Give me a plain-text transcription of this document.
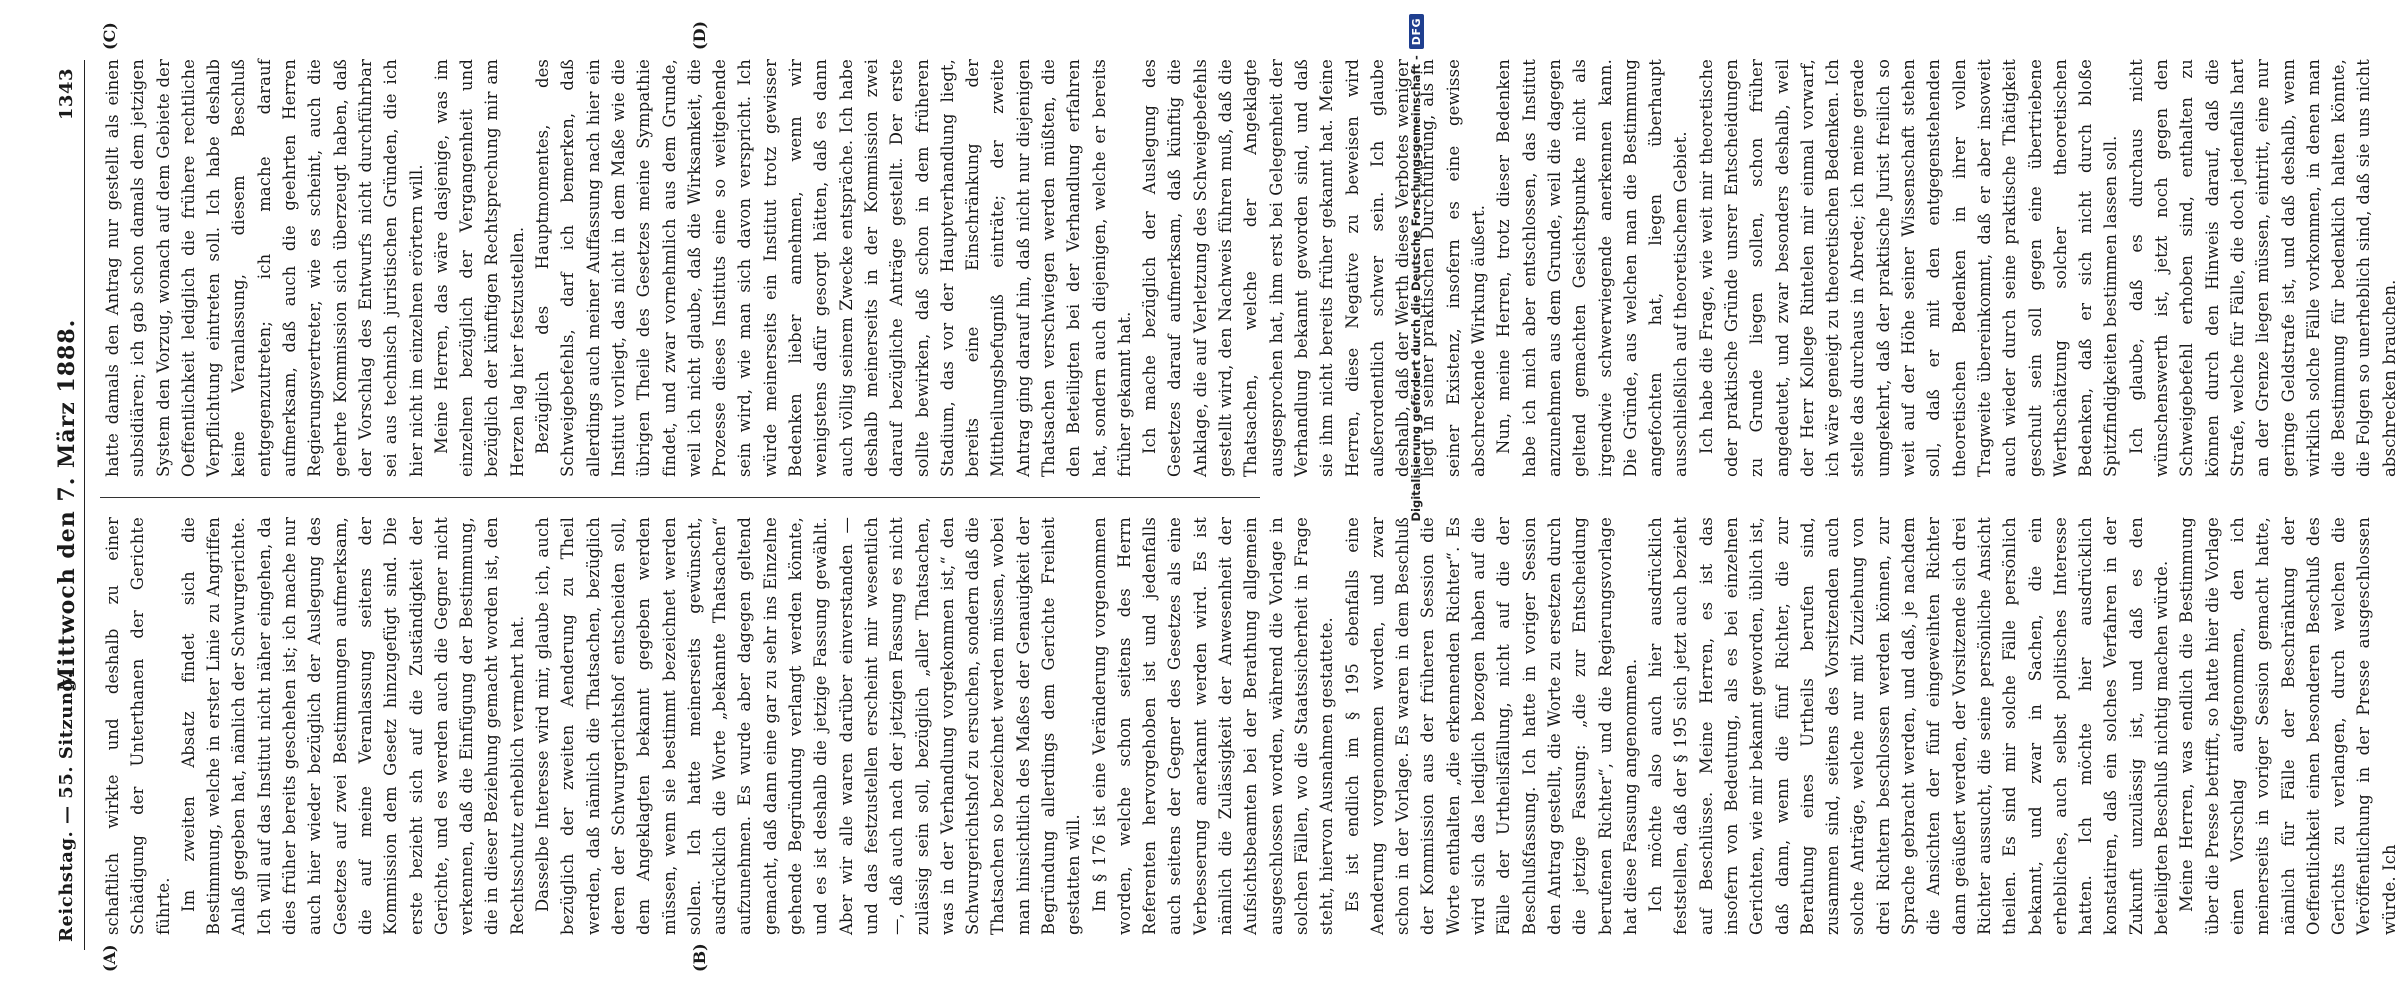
Reichstag. — 55. Sitzung.
Mittwoch den 7. März 1888.
1343
(A)	(B)
(C)	(D)

schaftlich wirkte und deshalb zu einer Schädigung der Unterthanen der Gerichte führte. Im zweiten Absatz findet sich die Bestimmung, welche in erster Linie zu Angriffen Anlaß gegeben hat, nämlich der Schwurgerichte. Ich will auf das Institut nicht näher eingehen, da dies früher bereits geschehen ist; ich mache nur auch hier wieder bezüglich der Auslegung des Gesetzes auf zwei Bestimmungen aufmerksam, die auf meine Veranlassung seitens der Kommission dem Gesetz hinzugefügt sind. Die erste bezieht sich auf die Zuständigkeit der Gerichte, und es werden auch die Gegner nicht verkennen, daß die Einfügung der Bestimmung, die in dieser Beziehung gemacht worden ist, den Rechtsschutz erheblich vermehrt hat. Dasselbe Interesse wird mir, glaube ich, auch bezüglich der zweiten Aenderung zu Theil werden, daß nämlich die Thatsachen, bezüglich deren der Schwurgerichtshof entscheiden soll, dem Angeklagten bekannt gegeben werden müssen, wenn sie bestimmt bezeichnet werden sollen. Ich hatte meinerseits gewünscht, ausdrücklich die Worte „bekannte Thatsachen“ aufzunehmen. Es wurde aber dagegen geltend gemacht, daß dann eine gar zu sehr ins Einzelne gehende Begründung verlangt werden könnte, und es ist deshalb die jetzige Fassung gewählt. Aber wir alle waren darüber einverstanden — und das festzustellen erscheint mir wesentlich —, daß auch nach der jetzigen Fassung es nicht zulässig sein soll, bezüglich „aller Thatsachen, was in der Verhandlung vorgekommen ist,“ den Schwurgerichtshof zu ersuchen, sondern daß die Thatsachen so bezeichnet werden müssen, wobei man hinsichtlich des Maßes der Genauigkeit der Begründung allerdings dem Gerichte Freiheit gestatten will. Im § 176 ist eine Veränderung vorgenommen worden, welche schon seitens des Herrn Referenten hervorgehoben ist und jedenfalls auch seitens der Gegner des Gesetzes als eine Verbesserung anerkannt werden wird. Es ist nämlich die Zulässigkeit der Anwesenheit der Aufsichtsbeamten bei der Berathung allgemein ausgeschlossen worden, während die Vorlage in solchen Fällen, wo die Staatssicherheit in Frage steht, hiervon Ausnahmen gestattete. Es ist endlich im § 195 ebenfalls eine Aenderung vorgenommen worden, und zwar schon in der Vorlage. Es waren in dem Beschluß der Kommission aus der früheren Session die Worte enthalten „die erkennenden Richter“. Es wird sich das lediglich bezogen haben auf die Fälle der Urtheilsfällung, nicht auf die der Beschlußfassung. Ich hatte in voriger Session den Antrag gestellt, die Worte zu ersetzen durch die jetzige Fassung: „die zur Entscheidung berufenen Richter“, und die Regierungsvorlage hat diese Fassung angenommen. Ich möchte also auch hier ausdrücklich feststellen, daß der § 195 sich jetzt auch bezieht auf Beschlüsse. Meine Herren, es ist das insofern von Bedeutung, als es bei einzelnen Gerichten, wie mir bekannt geworden, üblich ist, daß dann, wenn die fünf Richter, die zur Berathung eines Urtheils berufen sind, zusammen sind, seitens des Vorsitzenden auch solche Anträge, welche nur mit Zuziehung von drei Richtern beschlossen werden können, zur Sprache gebracht werden, und daß, je nachdem die Ansichten der fünf eingeweihten Richter dann geäußert werden, der Vorsitzende sich drei Richter aussucht, die seine persönliche Ansicht theilen. Es sind mir solche Fälle persönlich bekannt, und zwar in Sachen, die ein erhebliches, auch selbst politisches Interesse hatten. Ich möchte hier ausdrücklich konstatiren, daß ein solches Verfahren in der Zukunft unzulässig ist, und daß es den beteiligten Beschluß nichtig machen würde. Meine Herren, was endlich die Bestimmung über die Presse betrifft, so hatte hier die Vorlage einen Vorschlag aufgenommen, den ich meinerseits in voriger Session gemacht hatte, nämlich für Fälle der Beschränkung der Oeffentlichkeit einen besonderen Beschluß des Gerichts zu verlangen, durch welchen die Veröffentlichung in der Presse ausgeschlossen würde. Ich

hatte damals den Antrag nur gestellt als einen subsidiären; ich gab schon damals dem jetzigen System den Vorzug, wonach auf dem Gebiete der Oeffentlichkeit lediglich die frühere rechtliche Verpflichtung eintreten soll. Ich habe deshalb keine Veranlassung, diesem Beschluß entgegenzutreten; ich mache darauf aufmerksam, daß auch die geehrten Herren Regierungsvertreter, wie es scheint, auch die geehrte Kommission sich überzeugt haben, daß der Vorschlag des Entwurfs nicht durchführbar sei aus technisch juristischen Gründen, die ich hier nicht im einzelnen erörtern will. Meine Herren, das wäre dasjenige, was im einzelnen bezüglich der Vergangenheit und bezüglich der künftigen Rechtsprechung mir am Herzen lag hier festzustellen. Bezüglich des Hauptmomentes, des Schweigebefehls, darf ich bemerken, daß allerdings auch meiner Auffassung nach hier ein Institut vorliegt, das nicht in dem Maße wie die übrigen Theile des Gesetzes meine Sympathie findet, und zwar vornehmlich aus dem Grunde, weil ich nicht glaube, daß die Wirksamkeit, die Prozesse dieses Instituts eine so weitgehende sein wird, wie man sich davon verspricht. Ich würde meinerseits ein Institut trotz gewisser Bedenken lieber annehmen, wenn wir wenigstens dafür gesorgt hätten, daß es dann auch völlig seinem Zwecke entspräche. Ich habe deshalb meinerseits in der Kommission zwei darauf bezügliche Anträge gestellt. Der erste sollte bewirken, daß schon in dem früheren Stadium, das vor der Hauptverhandlung liegt, bereits eine Einschränkung der Mittheilungsbefugniß einträte; der zweite Antrag ging darauf hin, daß nicht nur diejenigen Thatsachen verschwiegen werden müßten, die den Beteiligten bei der Verhandlung erfahren hat, sondern auch diejenigen, welche er bereits früher gekannt hat. Ich mache bezüglich der Auslegung des Gesetzes darauf aufmerksam, daß künftig die Anklage, die auf Verletzung des Schweigebefehls gestellt wird, den Nachweis führen muß, daß die Thatsachen, welche der Angeklagte ausgesprochen hat, ihm erst bei Gelegenheit der Verhandlung bekannt geworden sind, und daß sie ihm nicht bereits früher gekannt hat. Meine Herren, diese Negative zu beweisen wird außerordentlich schwer sein. Ich glaube deshalb, daß der Werth dieses Verbotes weniger liegt in seiner praktischen Durchführung, als in seiner Existenz, insofern es eine gewisse abschreckende Wirkung äußert. Nun, meine Herren, trotz dieser Bedenken habe ich mich aber entschlossen, das Institut anzunehmen aus dem Grunde, weil die dagegen geltend gemachten Gesichtspunkte nicht als irgendwie schwerwiegende anerkennen kann. Die Gründe, aus welchen man die Bestimmung angefochten hat, liegen überhaupt ausschließlich auf theoretischem Gebiet. Ich habe die Frage, wie weit mir theoretische oder praktische Gründe unsrer Entscheidungen zu Grunde liegen sollen, schon früher angedeutet, und zwar besonders deshalb, weil der Herr Kollege Rintelen mir einmal vorwarf, ich wäre geneigt zu theoretischen Bedenken. Ich stelle das durchaus in Abrede; ich meine gerade umgekehrt, daß der praktische Jurist freilich so weit auf der Höhe seiner Wissenschaft stehen soll, daß er mit den entgegenstehenden theoretischen Bedenken in ihrer vollen Tragweite übereinkommt, daß er aber insoweit auch wieder durch seine praktische Thätigkeit geschult sein soll gegen eine übertriebene Werthschätzung solcher theoretischen Bedenken, daß er sich nicht durch bloße Spitzfindigkeiten bestimmen lassen soll. Ich glaube, daß es durchaus nicht wünschenswerth ist, jetzt noch gegen den Schweigebefehl erhoben sind, enthalten zu können durch den Hinweis darauf, daß die Strafe, welche für Fälle, die doch jedenfalls hart an der Grenze liegen müssen, eintritt, eine nur geringe Geldstrafe ist, und daß deshalb, wenn wirklich solche Fälle vorkommen, in denen man die Bestimmung für bedenklich halten könnte, die Folgen so unerheblich sind, daß sie uns nicht abschrecken brauchen.

Digitalisierung gefördert durch die Deutsche Forschungsgemeinschaft -
DFG
